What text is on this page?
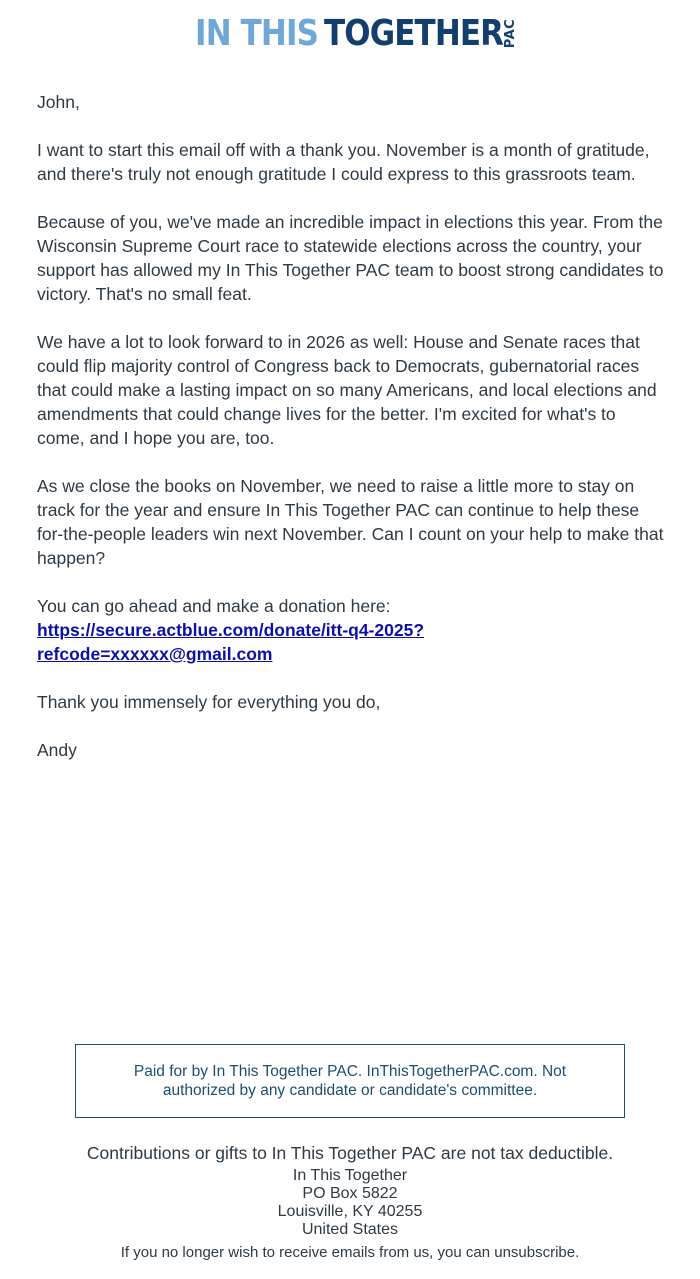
IN THIS TOGETHER PAC

John,

I want to start this email off with a thank you. November is a month of gratitude, and there's truly not enough gratitude I could express to this grassroots team.

Because of you, we've made an incredible impact in elections this year. From the Wisconsin Supreme Court race to statewide elections across the country, your support has allowed my In This Together PAC team to boost strong candidates to victory. That's no small feat.

We have a lot to look forward to in 2026 as well: House and Senate races that could flip majority control of Congress back to Democrats, gubernatorial races that could make a lasting impact on so many Americans, and local elections and amendments that could change lives for the better. I'm excited for what's to come, and I hope you are, too.

As we close the books on November, we need to raise a little more to stay on track for the year and ensure In This Together PAC can continue to help these for-the-people leaders win next November. Can I count on your help to make that happen?

You can go ahead and make a donation here:
https://secure.actblue.com/donate/itt-q4-2025?
refcode=xxxxxx@gmail.com

Thank you immensely for everything you do,

Andy

Paid for by In This Together PAC. InThisTogetherPAC.com. Not authorized by any candidate or candidate's committee.
Contributions or gifts to In This Together PAC are not tax deductible.
In This Together
PO Box 5822
Louisville, KY 40255
United States
If you no longer wish to receive emails from us, you can unsubscribe.
